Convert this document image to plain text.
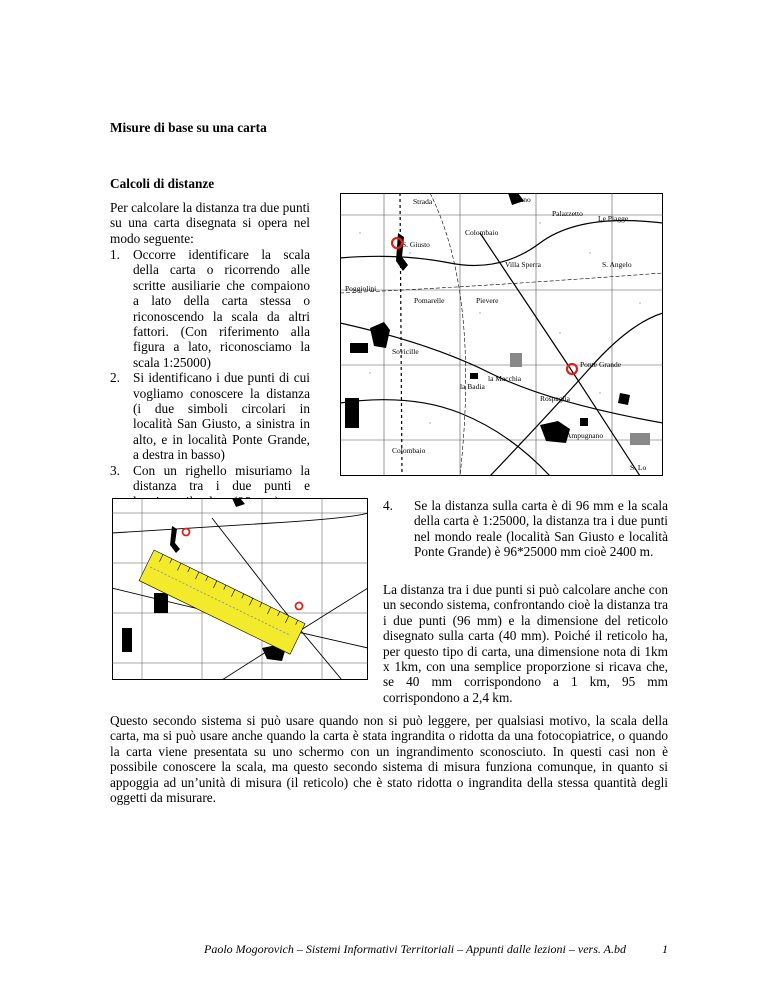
Misure di base su una carta
Calcoli di distanze
Per calcolare la distanza tra due punti su una carta disegnata si opera nel modo seguente:
1. Occorre identificare la scala della carta o ricorrendo alle scritte ausiliarie che compaiono a lato della carta stessa o riconoscendo la scala da altri fattori. (Con riferimento alla figura a lato, riconosciamo la scala 1:25000)
2. Si identificano i due punti di cui vogliamo conoscere la distanza (i due simboli circolari in località San Giusto, a sinistra in alto, e in località Ponte Grande, a destra in basso)
3. Con un righello misuriamo la distanza tra i due punti e
Strada	Toiano
Le Piagge
Palazzetto
S. Giusto
Colombaio
Villa Sperra	S. Angelo
Poggiolini
Pomarelle	Pievere
Sovicille
la Macchia
Ponte Grande
la Badia
Rospaglia
Ampugnano
Colombaio
S. Lo
4. Se la distanza sulla carta è di 96 mm e la scala della carta è 1:25000, la distanza tra i due punti nel mondo reale (località San Giusto e località Ponte Grande) è 96*25000 mm cioè 2400 m.
La distanza tra i due punti si può calcolare anche con un secondo sistema, confrontando cioè la distanza tra i due punti (96 mm) e la dimensione del reticolo disegnato sulla carta (40 mm). Poiché il reticolo ha, per questo tipo di carta, una dimensione nota di 1km x 1km, con una semplice proporzione si ricava che, se 40 mm corrispondono a 1 km, 95 mm corrispondono a 2,4 km.
Questo secondo sistema si può usare quando non si può leggere, per qualsiasi motivo, la scala della carta, ma si può usare anche quando la carta è stata ingrandita o ridotta da una fotocopiatrice, o quando la carta viene presentata su uno schermo con un ingrandimento sconosciuto. In questi casi non è possibile conoscere la scala, ma questo secondo sistema di misura funziona comunque, in quanto si appoggia ad un’unità di misura (il reticolo) che è stato ridotta o ingrandita della stessa quantità degli oggetti da misurare.
Paolo Mogorovich – Sistemi Informativi Territoriali – Appunti dalle lezioni – vers. A.bd	1
